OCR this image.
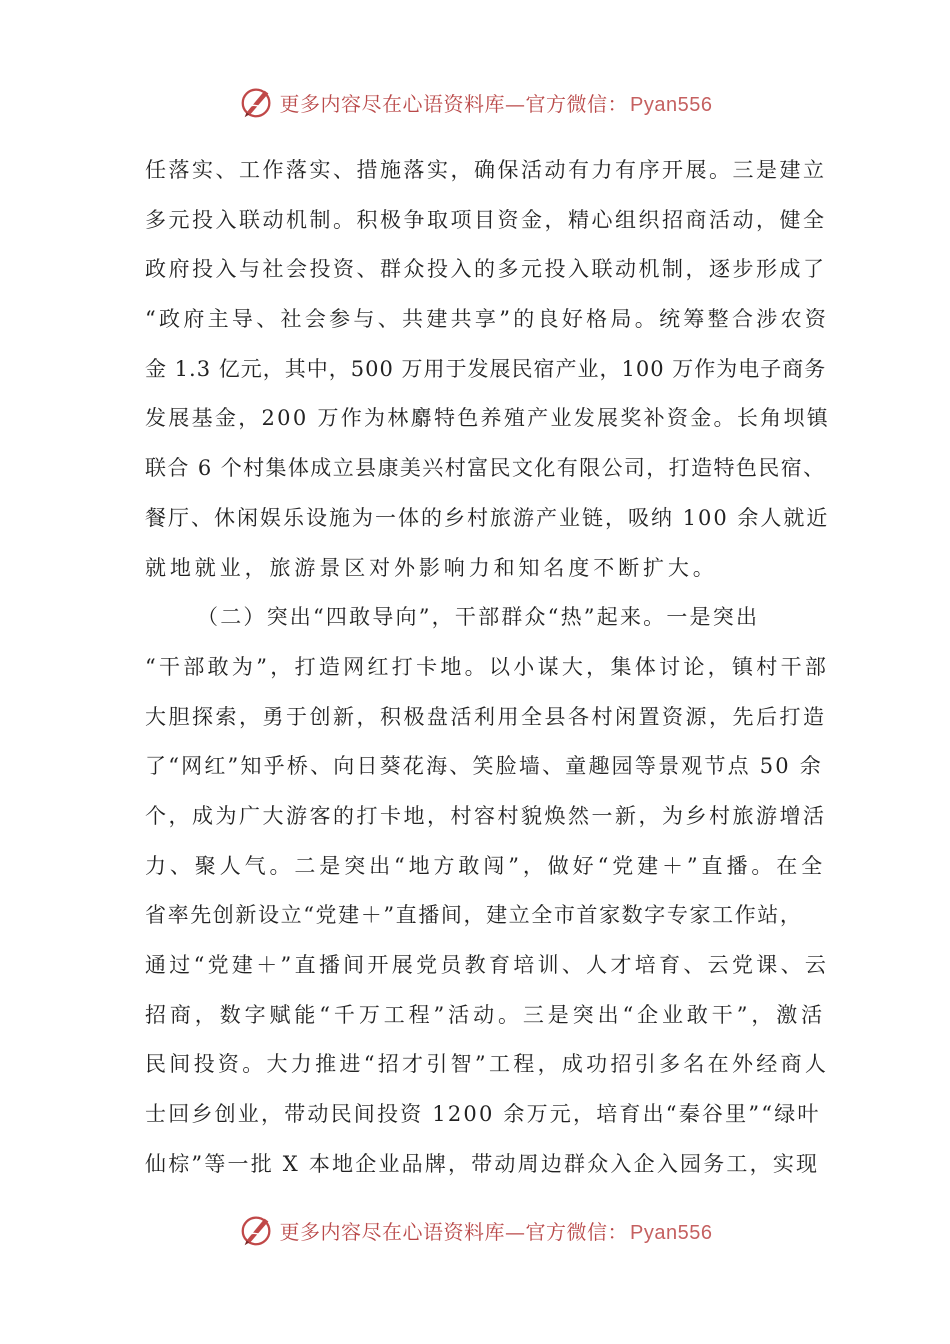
更多内容尽在心语资料库—官方微信： Pyan556
任落实、工作落实、措施落实，确保活动有力有序开展。三是建立
多元投入联动机制。积极争取项目资金，精心组织招商活动，健全
政府投入与社会投资、群众投入的多元投入联动机制，逐步形成了
“政府主导、社会参与、共建共享”的良好格局。统筹整合涉农资
金 1.3 亿元，其中，500 万用于发展民宿产业，100 万作为电子商务
发展基金，200 万作为林麝特色养殖产业发展奖补资金。长角坝镇
联合 6 个村集体成立县康美兴村富民文化有限公司，打造特色民宿、
餐厅、休闲娱乐设施为一体的乡村旅游产业链，吸纳 100 余人就近
就地就业，旅游景区对外影响力和知名度不断扩大。
（二）突出“四敢导向”，干部群众“热”起来。一是突出
“干部敢为”，打造网红打卡地。以小谋大，集体讨论，镇村干部
大胆探索，勇于创新，积极盘活利用全县各村闲置资源，先后打造
了“网红”知乎桥、向日葵花海、笑脸墙、童趣园等景观节点 50 余
个，成为广大游客的打卡地，村容村貌焕然一新，为乡村旅游增活
力、聚人气。二是突出“地方敢闯”，做好“党建＋”直播。在全
省率先创新设立“党建＋”直播间，建立全市首家数字专家工作站，
通过“党建＋”直播间开展党员教育培训、人才培育、云党课、云
招商，数字赋能“千万工程”活动。三是突出“企业敢干”，激活
民间投资。大力推进“招才引智”工程，成功招引多名在外经商人
士回乡创业，带动民间投资 1200 余万元，培育出“秦谷里”“绿叶
仙棕”等一批 X 本地企业品牌，带动周边群众入企入园务工，实现
更多内容尽在心语资料库—官方微信： Pyan556
